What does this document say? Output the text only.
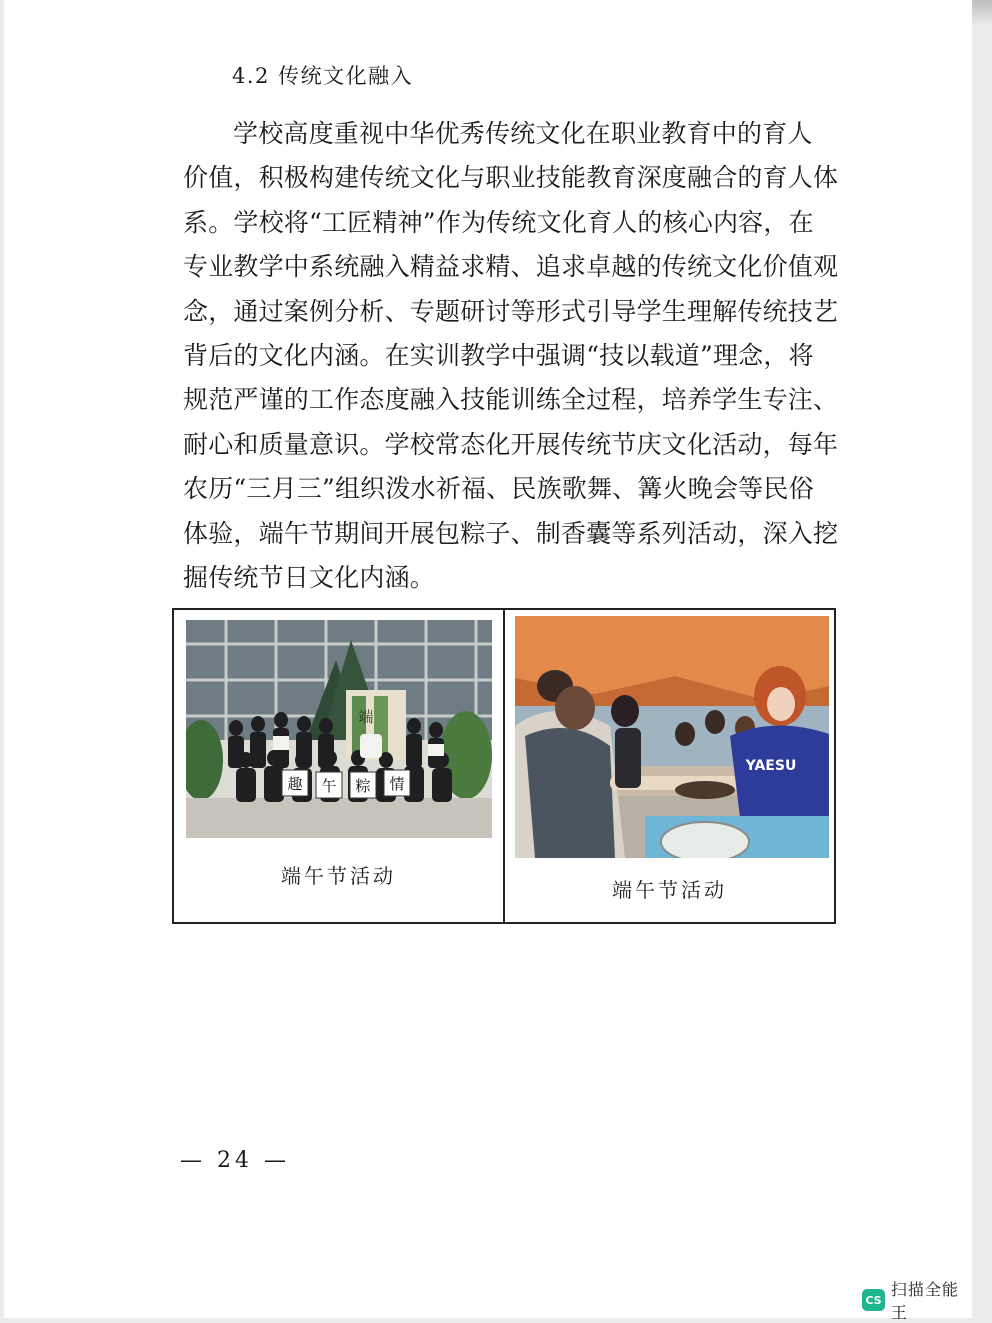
4.2 传统文化融入
学校高度重视中华优秀传统文化在职业教育中的育人
价值，积极构建传统文化与职业技能教育深度融合的育人体
系。学校将“工匠精神”作为传统文化育人的核心内容，在
专业教学中系统融入精益求精、追求卓越的传统文化价值观
念，通过案例分析、专题研讨等形式引导学生理解传统技艺
背后的文化内涵。在实训教学中强调“技以载道”理念，将
规范严谨的工作态度融入技能训练全过程，培养学生专注、
耐心和质量意识。学校常态化开展传统节庆文化活动，每年
农历“三月三”组织泼水祈福、民族歌舞、篝火晚会等民俗
体验，端午节期间开展包粽子、制香囊等系列活动，深入挖
掘传统节日文化内涵。
端
趣 午 粽 情
端午节活动
YAESU
端午节活动
— 24 —
CS
扫描全能王
